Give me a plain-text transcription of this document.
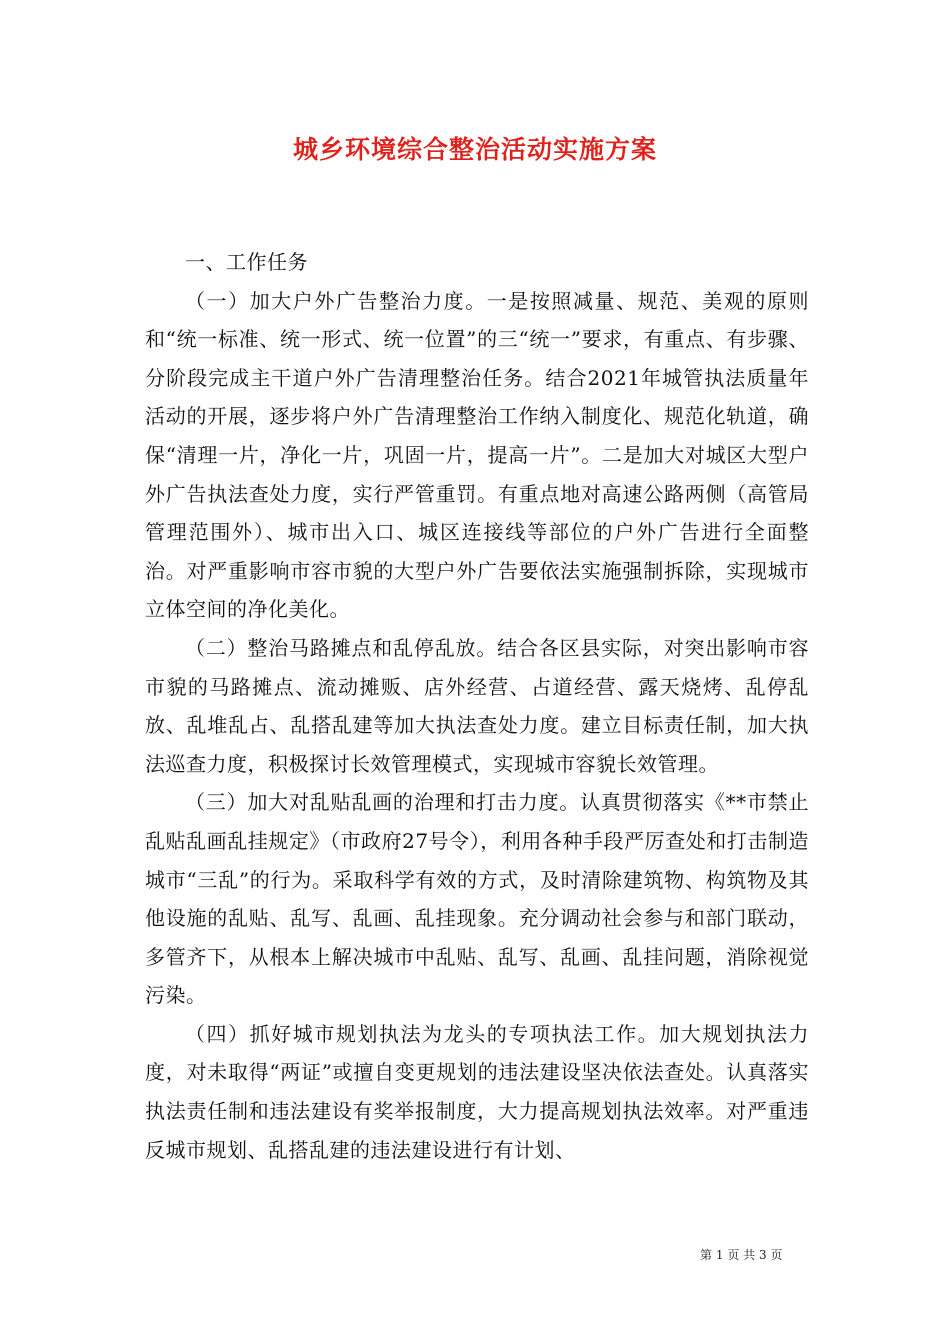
城乡环境综合整治活动实施方案

一、工作任务

（一）加大户外广告整治力度。一是按照减量、规范、美观的原则和“统一标准、统一形式、统一位置”的三“统一”要求，有重点、有步骤、分阶段完成主干道户外广告清理整治任务。结合2021年城管执法质量年活动的开展，逐步将户外广告清理整治工作纳入制度化、规范化轨道，确保“清理一片，净化一片，巩固一片，提高一片”。二是加大对城区大型户外广告执法查处力度，实行严管重罚。有重点地对高速公路两侧（高管局管理范围外）、城市出入口、城区连接线等部位的户外广告进行全面整治。对严重影响市容市貌的大型户外广告要依法实施强制拆除，实现城市立体空间的净化美化。

（二）整治马路摊点和乱停乱放。结合各区县实际，对突出影响市容市貌的马路摊点、流动摊贩、店外经营、占道经营、露天烧烤、乱停乱放、乱堆乱占、乱搭乱建等加大执法查处力度。建立目标责任制，加大执法巡查力度，积极探讨长效管理模式，实现城市容貌长效管理。

（三）加大对乱贴乱画的治理和打击力度。认真贯彻落实《**市禁止乱贴乱画乱挂规定》（市政府27号令），利用各种手段严厉查处和打击制造城市“三乱”的行为。采取科学有效的方式，及时清除建筑物、构筑物及其他设施的乱贴、乱写、乱画、乱挂现象。充分调动社会参与和部门联动，多管齐下，从根本上解决城市中乱贴、乱写、乱画、乱挂问题，消除视觉污染。

（四）抓好城市规划执法为龙头的专项执法工作。加大规划执法力度，对未取得“两证”或擅自变更规划的违法建设坚决依法查处。认真落实执法责任制和违法建设有奖举报制度，大力提高规划执法效率。对严重违反城市规划、乱搭乱建的违法建设进行有计划、

第 1 页 共 3 页
